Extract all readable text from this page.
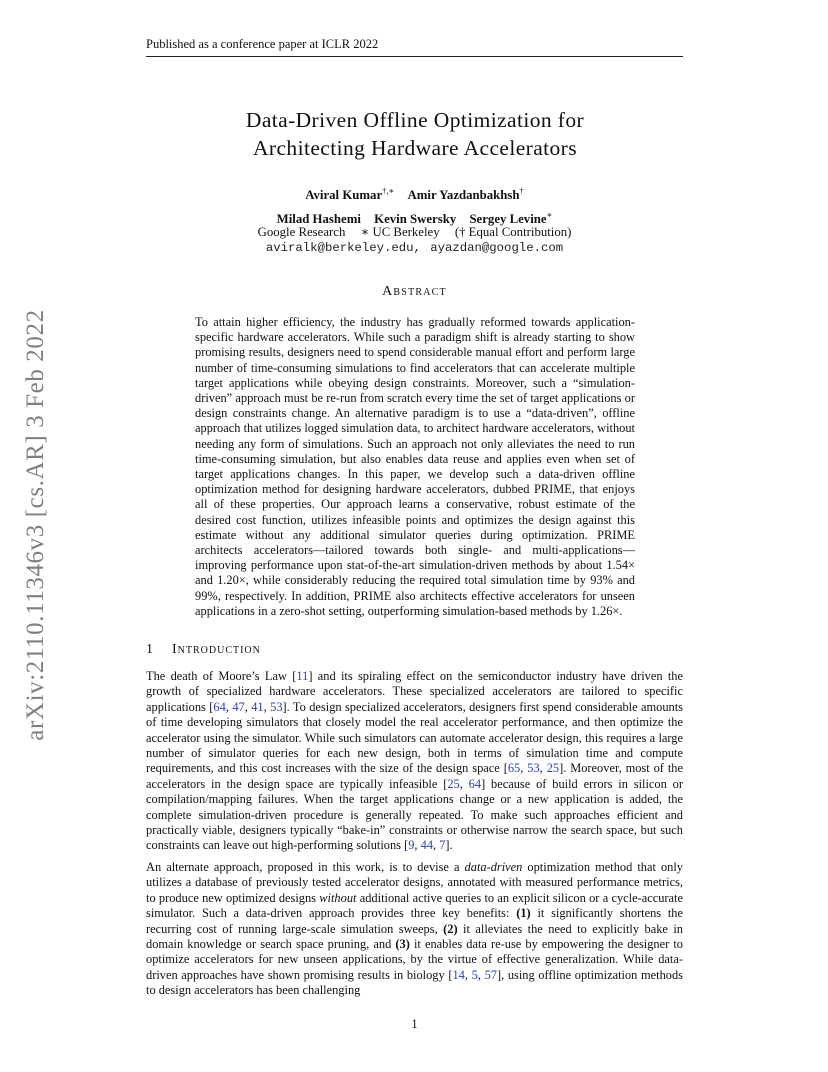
Published as a conference paper at ICLR 2022
arXiv:2110.11346v3 [cs.AR] 3 Feb 2022
Data-Driven Offline Optimization for
Architecting Hardware Accelerators
Aviral Kumar†,∗ Amir Yazdanbakhsh†
Milad Hashemi Kevin Swersky Sergey Levine∗
Google Research ∗ UC Berkeley († Equal Contribution)
aviralk@berkeley.edu, ayazdan@google.com
Abstract
To attain higher efficiency, the industry has gradually reformed towards application-specific hardware accelerators. While such a paradigm shift is already starting to show promising results, designers need to spend considerable manual effort and perform large number of time-consuming simulations to find accelerators that can accelerate multiple target applications while obeying design constraints. Moreover, such a “simulation-driven” approach must be re-run from scratch every time the set of target applications or design constraints change. An alternative paradigm is to use a “data-driven”, offline approach that utilizes logged simulation data, to architect hardware accelerators, without needing any form of simulations. Such an approach not only alleviates the need to run time-consuming simulation, but also enables data reuse and applies even when set of target applications changes. In this paper, we develop such a data-driven offline optimization method for designing hardware accelerators, dubbed PRIME, that enjoys all of these properties. Our approach learns a conservative, robust estimate of the desired cost function, utilizes infeasible points and optimizes the design against this estimate without any additional simulator queries during optimization. PRIME architects accelerators—tailored towards both single- and multi-applications—improving performance upon stat-of-the-art simulation-driven methods by about 1.54× and 1.20×, while considerably reducing the required total simulation time by 93% and 99%, respectively. In addition, PRIME also architects effective accelerators for unseen applications in a zero-shot setting, outperforming simulation-based methods by 1.26×.
1 Introduction
The death of Moore’s Law [11] and its spiraling effect on the semiconductor industry have driven the growth of specialized hardware accelerators. These specialized accelerators are tailored to specific applications [64, 47, 41, 53]. To design specialized accelerators, designers first spend considerable amounts of time developing simulators that closely model the real accelerator performance, and then optimize the accelerator using the simulator. While such simulators can automate accelerator design, this requires a large number of simulator queries for each new design, both in terms of simulation time and compute requirements, and this cost increases with the size of the design space [65, 53, 25]. Moreover, most of the accelerators in the design space are typically infeasible [25, 64] because of build errors in silicon or compilation/mapping failures. When the target applications change or a new application is added, the complete simulation-driven procedure is generally repeated. To make such approaches efficient and practically viable, designers typically “bake-in” constraints or otherwise narrow the search space, but such constraints can leave out high-performing solutions [9, 44, 7].
An alternate approach, proposed in this work, is to devise a data-driven optimization method that only utilizes a database of previously tested accelerator designs, annotated with measured performance metrics, to produce new optimized designs without additional active queries to an explicit silicon or a cycle-accurate simulator. Such a data-driven approach provides three key benefits: (1) it significantly shortens the recurring cost of running large-scale simulation sweeps, (2) it alleviates the need to explicitly bake in domain knowledge or search space pruning, and (3) it enables data re-use by empowering the designer to optimize accelerators for new unseen applications, by the virtue of effective generalization. While data-driven approaches have shown promising results in biology [14, 5, 57], using offline optimization methods to design accelerators has been challenging
1
